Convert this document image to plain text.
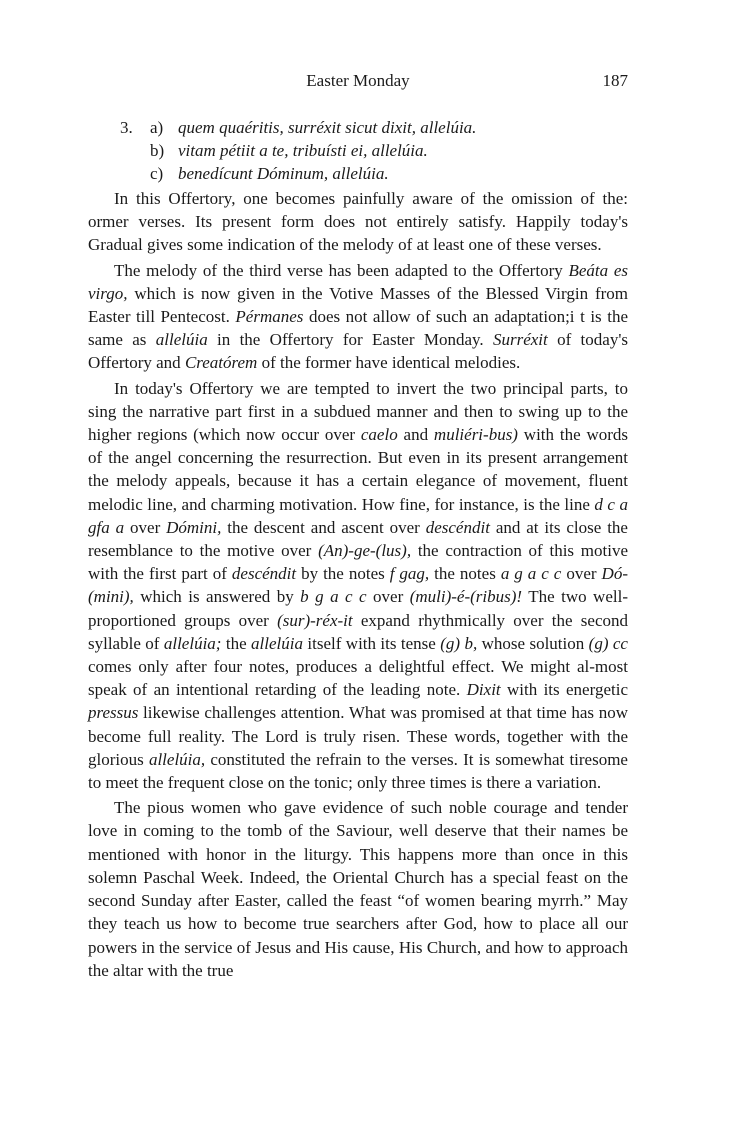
Easter Monday	187
3. a) quem quaéritis, surréxit sicut dixit, allelúia.
b) vitam pétiit a te, tribuísti ei, allelúia.
c) benedícunt Dóminum, allelúia.

In this Offertory, one becomes painfully aware of the omission of the: ormer verses. Its present form does not entirely satisfy. Happily today's Gradual gives some indication of the melody of at least one of these verses.

The melody of the third verse has been adapted to the Offertory Beáta es virgo, which is now given in the Votive Masses of the Blessed Virgin from Easter till Pentecost. Pérmanes does not allow of such an adaptation;i t is the same as allelúia in the Offertory for Easter Monday. Surréxit of today's Offertory and Creatórem of the former have identical melodies.

In today's Offertory we are tempted to invert the two principal parts, to sing the narrative part first in a subdued manner and then to swing up to the higher regions (which now occur over caelo and muliéri-bus) with the words of the angel concerning the resurrection. But even in its present arrangement the melody appeals, because it has a certain elegance of movement, fluent melodic line, and charming motivation. How fine, for instance, is the line d c a gfa a over Dómini, the descent and ascent over descéndit and at its close the resemblance to the motive over (An)-ge-(lus), the contraction of this motive with the first part of descéndit by the notes f gag, the notes a g a c c over Dó-(mini), which is answered by b g a c c over (muli)-é-(ribus)! The two well-proportioned groups over (sur)-réx-it expand rhythmically over the second syllable of allelúia; the allelúia itself with its tense (g) b, whose solution (g) cc comes only after four notes, produces a delightful effect. We might al-most speak of an intentional retarding of the leading note. Dixit with its energetic pressus likewise challenges attention. What was promised at that time has now become full reality. The Lord is truly risen. These words, together with the glorious allelúia, constituted the refrain to the verses. It is somewhat tiresome to meet the frequent close on the tonic; only three times is there a variation.

The pious women who gave evidence of such noble courage and tender love in coming to the tomb of the Saviour, well deserve that their names be mentioned with honor in the liturgy. This happens more than once in this solemn Paschal Week. Indeed, the Oriental Church has a special feast on the second Sunday after Easter, called the feast “of women bearing myrrh.” May they teach us how to become true searchers after God, how to place all our powers in the service of Jesus and His cause, His Church, and how to approach the altar with the true
